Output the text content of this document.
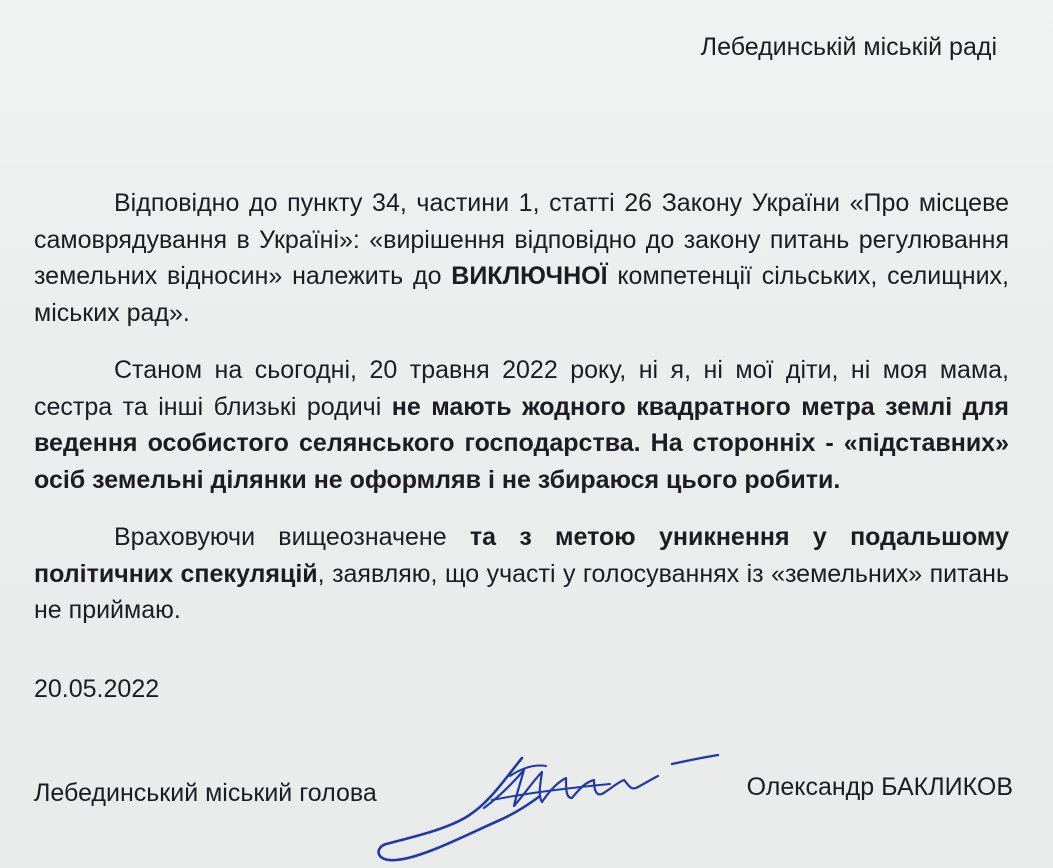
Лебединській міській раді

Відповідно до пункту 34, частини 1, статті 26 Закону України «Про місцеве самоврядування в Україні»: «вирішення відповідно до закону питань регулювання земельних відносин» належить до ВИКЛЮЧНОЇ компетенції сільських, селищних, міських рад».

Станом на сьогодні, 20 травня 2022 року, ні я, ні мої діти, ні моя мама, сестра та інші близькі родичі не мають жодного квадратного метра землі для ведення особистого селянського господарства. На сторонніх - «підставних» осіб земельні ділянки не оформляв і не збираюся цього робити.

Враховуючи вищеозначене та з метою уникнення у подальшому політичних спекуляцій, заявляю, що участі у голосуваннях із «земельних» питань не приймаю.

20.05.2022
Лебединський міський голова	Олександр БАКЛИКОВ
